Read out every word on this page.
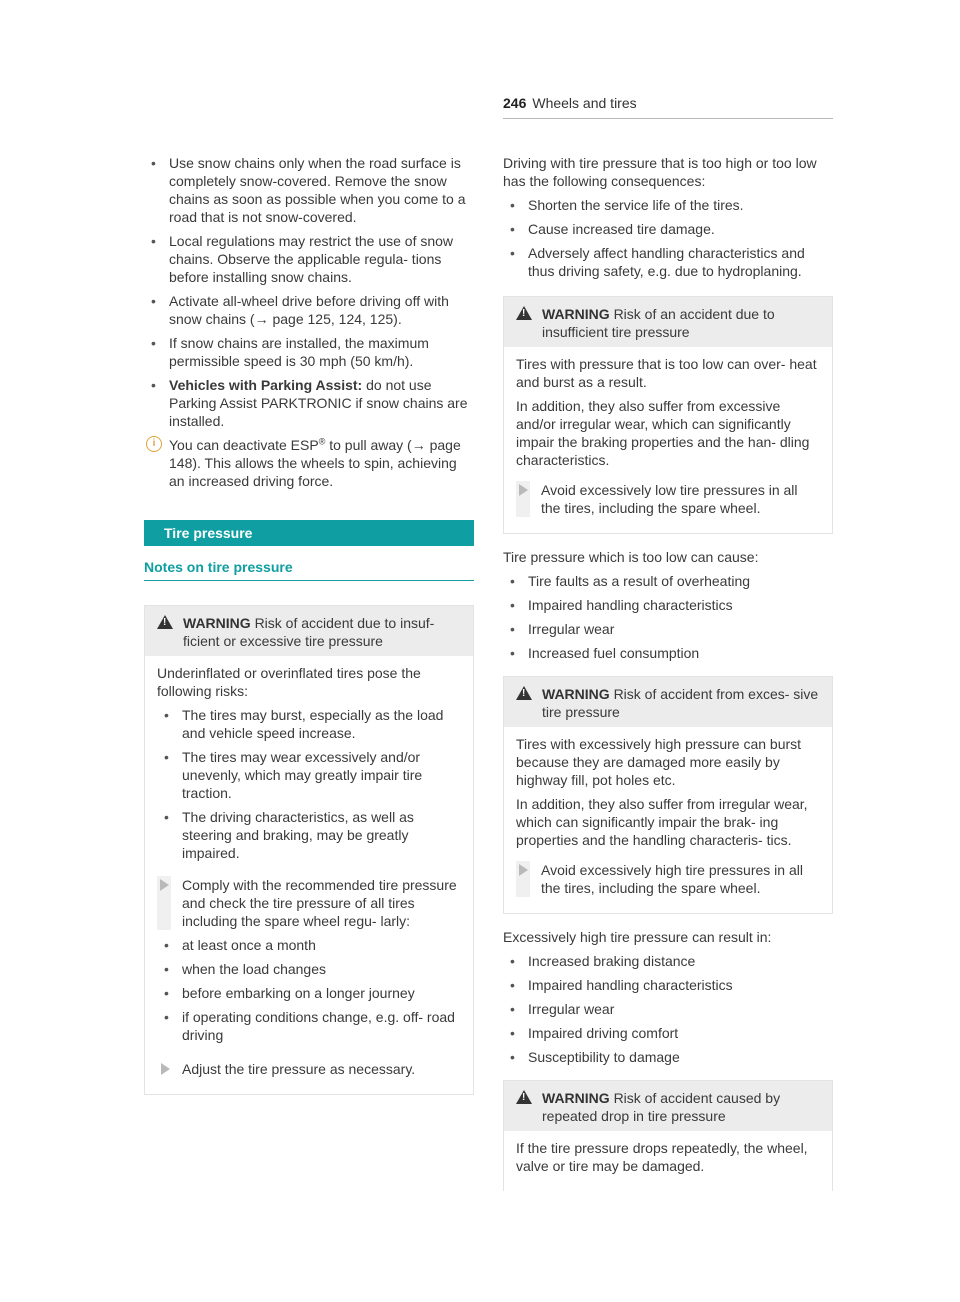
246 Wheels and tires
• Use snow chains only when the road surface is completely snow-covered. Remove the snow chains as soon as possible when you come to a road that is not snow-covered.
• Local regulations may restrict the use of snow chains. Observe the applicable regula- tions before installing snow chains.
• Activate all-wheel drive before driving off with snow chains (→ page 125, 124, 125).
• If snow chains are installed, the maximum permissible speed is 30 mph (50 km/h).
• Vehicles with Parking Assist: do not use Parking Assist PARKTRONIC if snow chains are installed.
i You can deactivate ESP® to pull away (→ page 148). This allows the wheels to spin, achieving an increased driving force.
Tire pressure
Notes on tire pressure
! WARNING Risk of accident due to insuf- ficient or excessive tire pressure

Underinflated or overinflated tires pose the following risks:

• The tires may burst, especially as the load and vehicle speed increase.
• The tires may wear excessively and/or unevenly, which may greatly impair tire traction.
• The driving characteristics, as well as steering and braking, may be greatly impaired.
Comply with the recommended tire pressure and check the tire pressure of all tires including the spare wheel regu- larly:
• at least once a month
• when the load changes
• before embarking on a longer journey
• if operating conditions change, e.g. off- road driving
Adjust the tire pressure as necessary.

Driving with tire pressure that is too high or too low has the following consequences:

• Shorten the service life of the tires.
• Cause increased tire damage.
• Adversely affect handling characteristics and thus driving safety, e.g. due to hydroplaning.
! WARNING Risk of an accident due to insufficient tire pressure

Tires with pressure that is too low can over- heat and burst as a result.

In addition, they also suffer from excessive and/or irregular wear, which can significantly impair the braking properties and the han- dling characteristics.

Avoid excessively low tire pressures in all the tires, including the spare wheel.

Tire pressure which is too low can cause:

• Tire faults as a result of overheating
• Impaired handling characteristics
• Irregular wear
• Increased fuel consumption
! WARNING Risk of accident from exces- sive tire pressure

Tires with excessively high pressure can burst because they are damaged more easily by highway fill, pot holes etc.

In addition, they also suffer from irregular wear, which can significantly impair the brak- ing properties and the handling characteris- tics.

Avoid excessively high tire pressures in all the tires, including the spare wheel.

Excessively high tire pressure can result in:

• Increased braking distance
• Impaired handling characteristics
• Irregular wear
• Impaired driving comfort
• Susceptibility to damage
! WARNING Risk of accident caused by repeated drop in tire pressure

If the tire pressure drops repeatedly, the wheel, valve or tire may be damaged.
